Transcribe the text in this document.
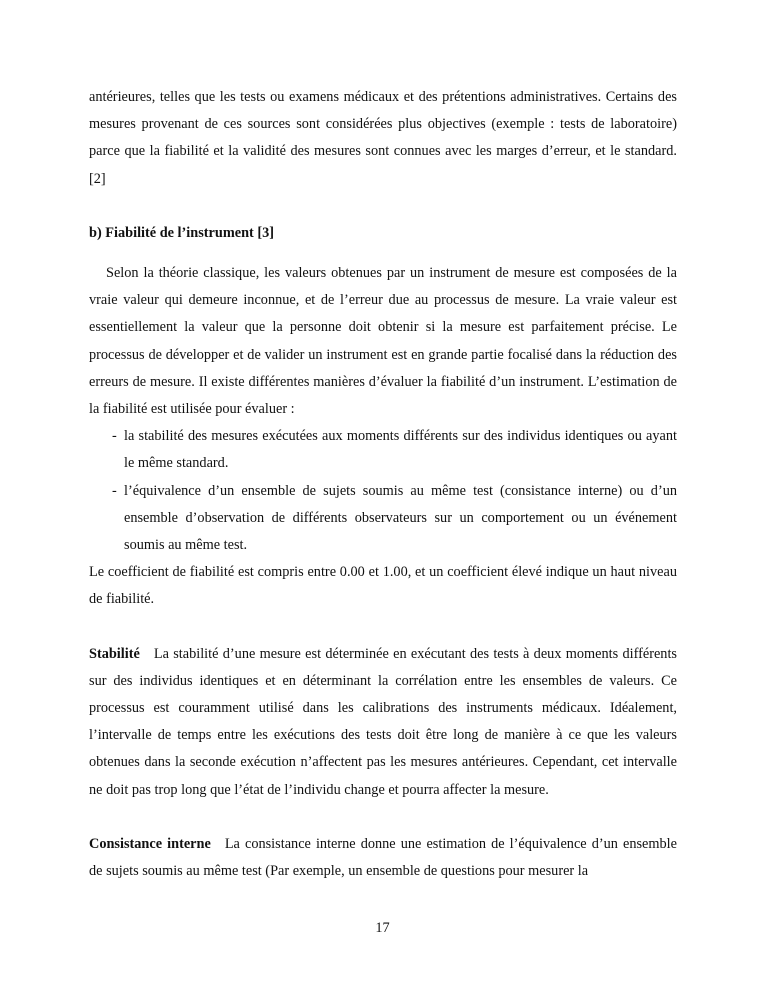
antérieures, telles que les tests ou examens médicaux et des prétentions administratives. Certains des mesures provenant de ces sources sont considérées plus objectives (exemple : tests de laboratoire) parce que la fiabilité et la validité des mesures sont connues avec les marges d’erreur, et le standard. [2]

b) Fiabilité de l’instrument [3]

Selon la théorie classique, les valeurs obtenues par un instrument de mesure est composées de la vraie valeur qui demeure inconnue, et de l’erreur due au processus de mesure. La vraie valeur est essentiellement la valeur que la personne doit obtenir si la mesure est parfaitement précise. Le processus de développer et de valider un instrument est en grande partie focalisé dans la réduction des erreurs de mesure. Il existe différentes manières d’évaluer la fiabilité d’un instrument. L’estimation de la fiabilité est utilisée pour évaluer :

- la stabilité des mesures exécutées aux moments différents sur des individus identiques ou ayant le même standard.
- l’équivalence d’un ensemble de sujets soumis au même test (consistance interne) ou d’un ensemble d’observation de différents observateurs sur un comportement ou un événement soumis au même test.

Le coefficient de fiabilité est compris entre 0.00 et 1.00, et un coefficient élevé indique un haut niveau de fiabilité.

Stabilité La stabilité d’une mesure est déterminée en exécutant des tests à deux moments différents sur des individus identiques et en déterminant la corrélation entre les ensembles de valeurs. Ce processus est couramment utilisé dans les calibrations des instruments médicaux. Idéalement, l’intervalle de temps entre les exécutions des tests doit être long de manière à ce que les valeurs obtenues dans la seconde exécution n’affectent pas les mesures antérieures. Cependant, cet intervalle ne doit pas trop long que l’état de l’individu change et pourra affecter la mesure.

Consistance interne La consistance interne donne une estimation de l’équivalence d’un ensemble de sujets soumis au même test (Par exemple, un ensemble de questions pour mesurer la

17
